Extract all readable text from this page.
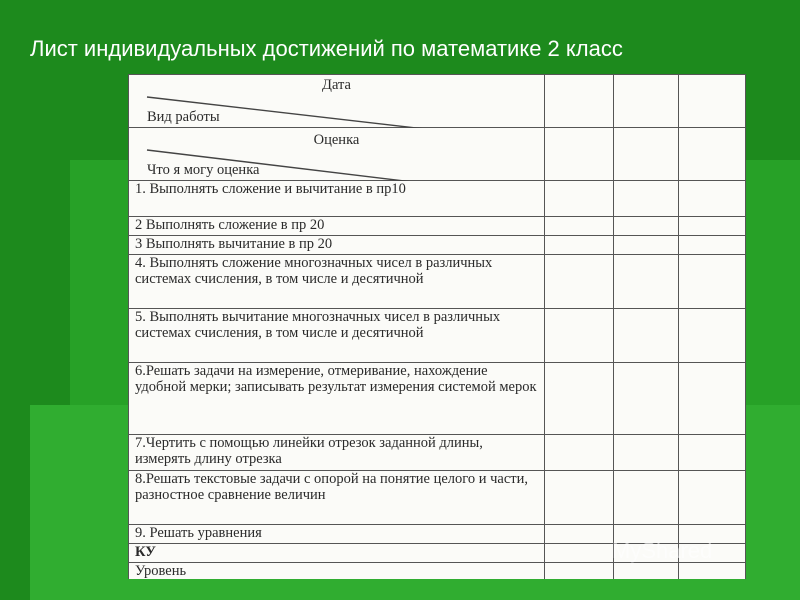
Лист индивидуальных достижений по математике 2 класс
Дата
Вид работы			

Оценка
Что я могу оценка			

1. Выполнять сложение и вычитание в пр10			
2 Выполнять сложение в пр 20			
3 Выполнять вычитание в пр 20			
4. Выполнять сложение многозначных чисел в различных системах счисления, в том числе и десятичной			
5. Выполнять вычитание многозначных чисел в различных системах счисления, в том числе и десятичной			
6.Решать задачи на измерение, отмеривание, нахождение удобной мерки; записывать результат измерения системой мерок			
7.Чертить с помощью линейки отрезок заданной длины, измерять длину отрезка			
8.Решать текстовые задачи с опорой на понятие целого и части, разностное сравнение величин			
9. Решать уравнения			
КУ			
Уровень			
MyShared
